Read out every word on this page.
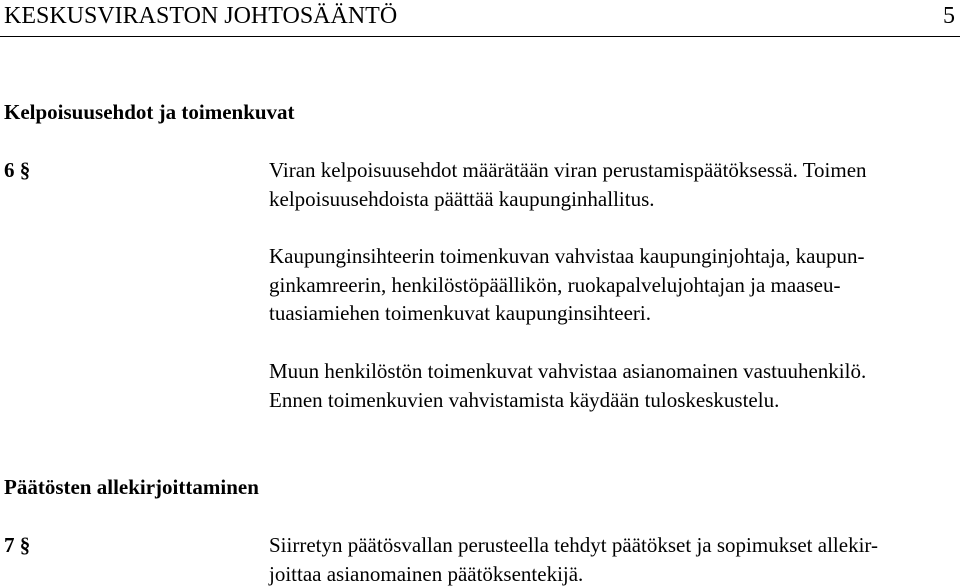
KESKUSVIRASTON JOHTOSÄÄNTÖ	5
Kelpoisuusehdot ja toimenkuvat
6 §	Viran kelpoisuusehdot määrätään viran perustamispäätöksessä. Toimen
kelpoisuusehdoista päättää kaupunginhallitus.

Kaupunginsihteerin toimenkuvan vahvistaa kaupunginjohtaja, kaupun-
ginkamreerin, henkilöstöpäällikön, ruokapalvelujohtajan ja maaseu-
tuasiamiehen toimenkuvat kaupunginsihteeri.

Muun henkilöstön toimenkuvat vahvistaa asianomainen vastuuhenkilö.
Ennen toimenkuvien vahvistamista käydään tuloskeskustelu.

Päätösten allekirjoittaminen
7 §	Siirretyn päätösvallan perusteella tehdyt päätökset ja sopimukset allekir-
joittaa asianomainen päätöksentekijä.
